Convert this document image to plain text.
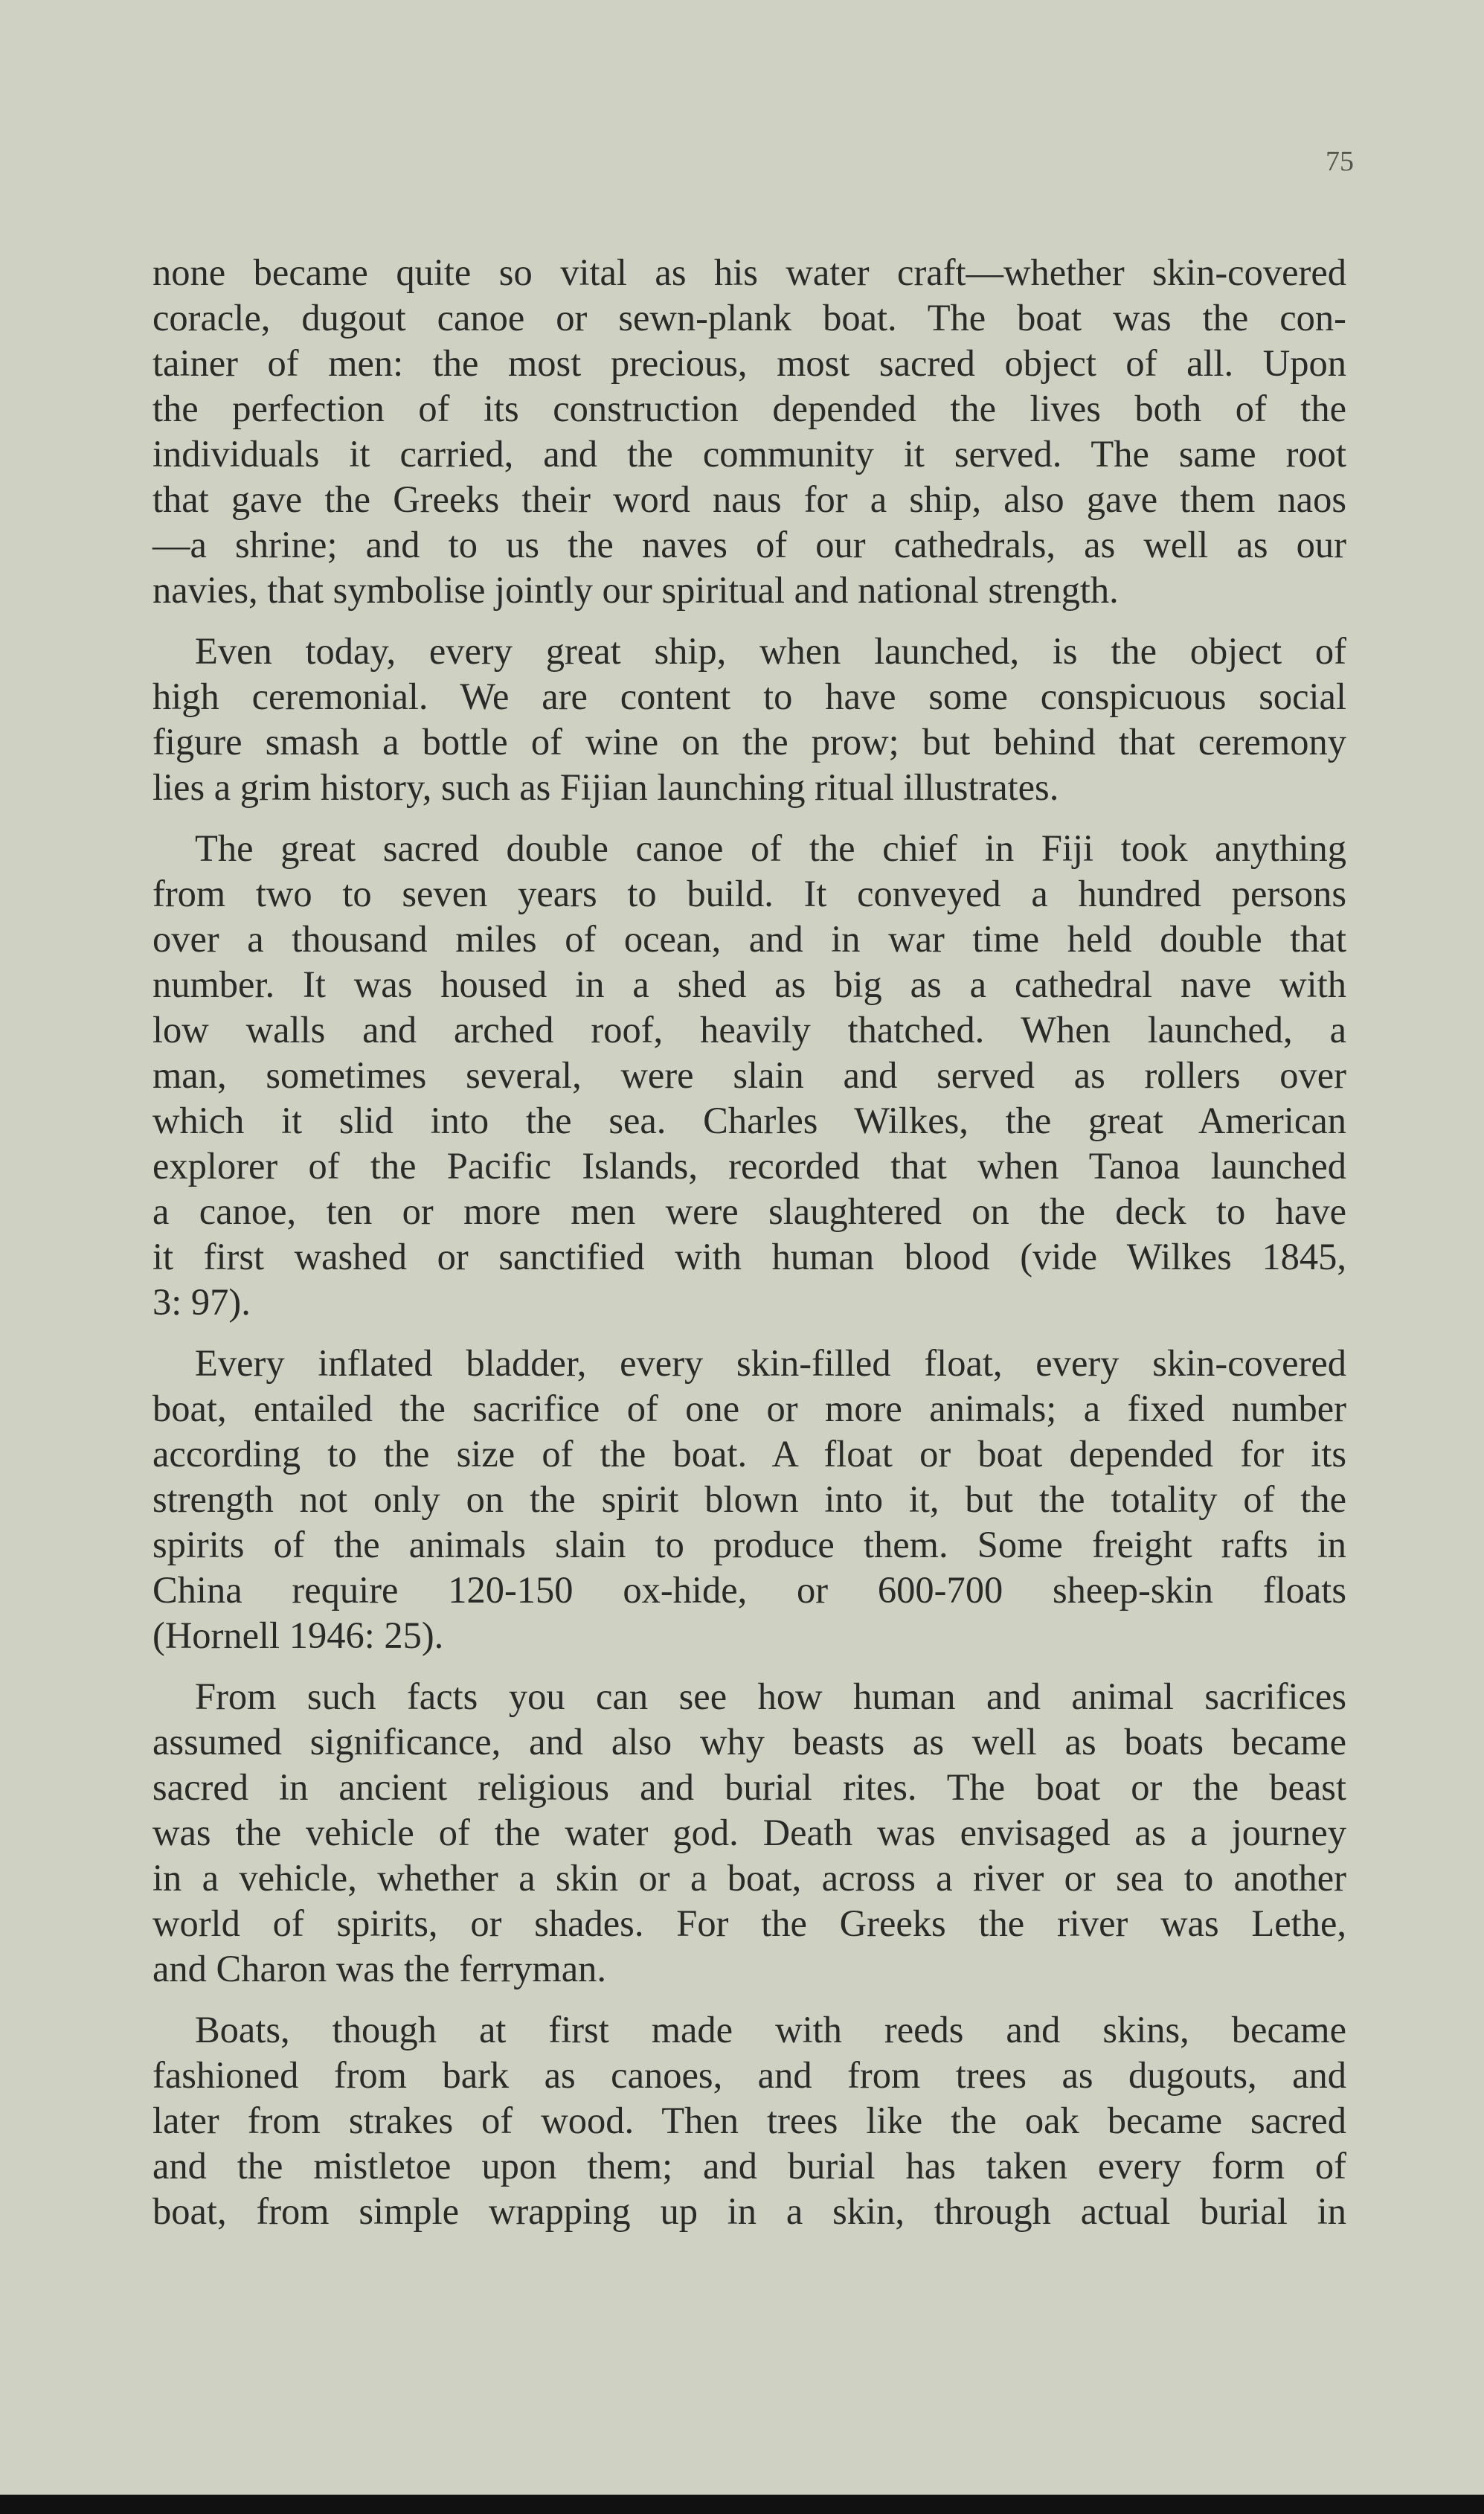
75

none became quite so vital as his water craft—whether skin-covered
coracle, dugout canoe or sewn-plank boat. The boat was the con-
tainer of men: the most precious, most sacred object of all. Upon
the perfection of its construction depended the lives both of the
individuals it carried, and the community it served. The same root
that gave the Greeks their word naus for a ship, also gave them naos
—a shrine; and to us the naves of our cathedrals, as well as our
navies, that symbolise jointly our spiritual and national strength.

Even today, every great ship, when launched, is the object of
high ceremonial. We are content to have some conspicuous social
figure smash a bottle of wine on the prow; but behind that ceremony
lies a grim history, such as Fijian launching ritual illustrates.

The great sacred double canoe of the chief in Fiji took anything
from two to seven years to build. It conveyed a hundred persons
over a thousand miles of ocean, and in war time held double that
number. It was housed in a shed as big as a cathedral nave with
low walls and arched roof, heavily thatched. When launched, a
man, sometimes several, were slain and served as rollers over
which it slid into the sea. Charles Wilkes, the great American
explorer of the Pacific Islands, recorded that when Tanoa launched
a canoe, ten or more men were slaughtered on the deck to have
it first washed or sanctified with human blood (vide Wilkes 1845,
3: 97).

Every inflated bladder, every skin-filled float, every skin-covered
boat, entailed the sacrifice of one or more animals; a fixed number
according to the size of the boat. A float or boat depended for its
strength not only on the spirit blown into it, but the totality of the
spirits of the animals slain to produce them. Some freight rafts in
China require 120-150 ox-hide, or 600-700 sheep-skin floats
(Hornell 1946: 25).

From such facts you can see how human and animal sacrifices
assumed significance, and also why beasts as well as boats became
sacred in ancient religious and burial rites. The boat or the beast
was the vehicle of the water god. Death was envisaged as a journey
in a vehicle, whether a skin or a boat, across a river or sea to another
world of spirits, or shades. For the Greeks the river was Lethe,
and Charon was the ferryman.

Boats, though at first made with reeds and skins, became
fashioned from bark as canoes, and from trees as dugouts, and
later from strakes of wood. Then trees like the oak became sacred
and the mistletoe upon them; and burial has taken every form of
boat, from simple wrapping up in a skin, through actual burial in
